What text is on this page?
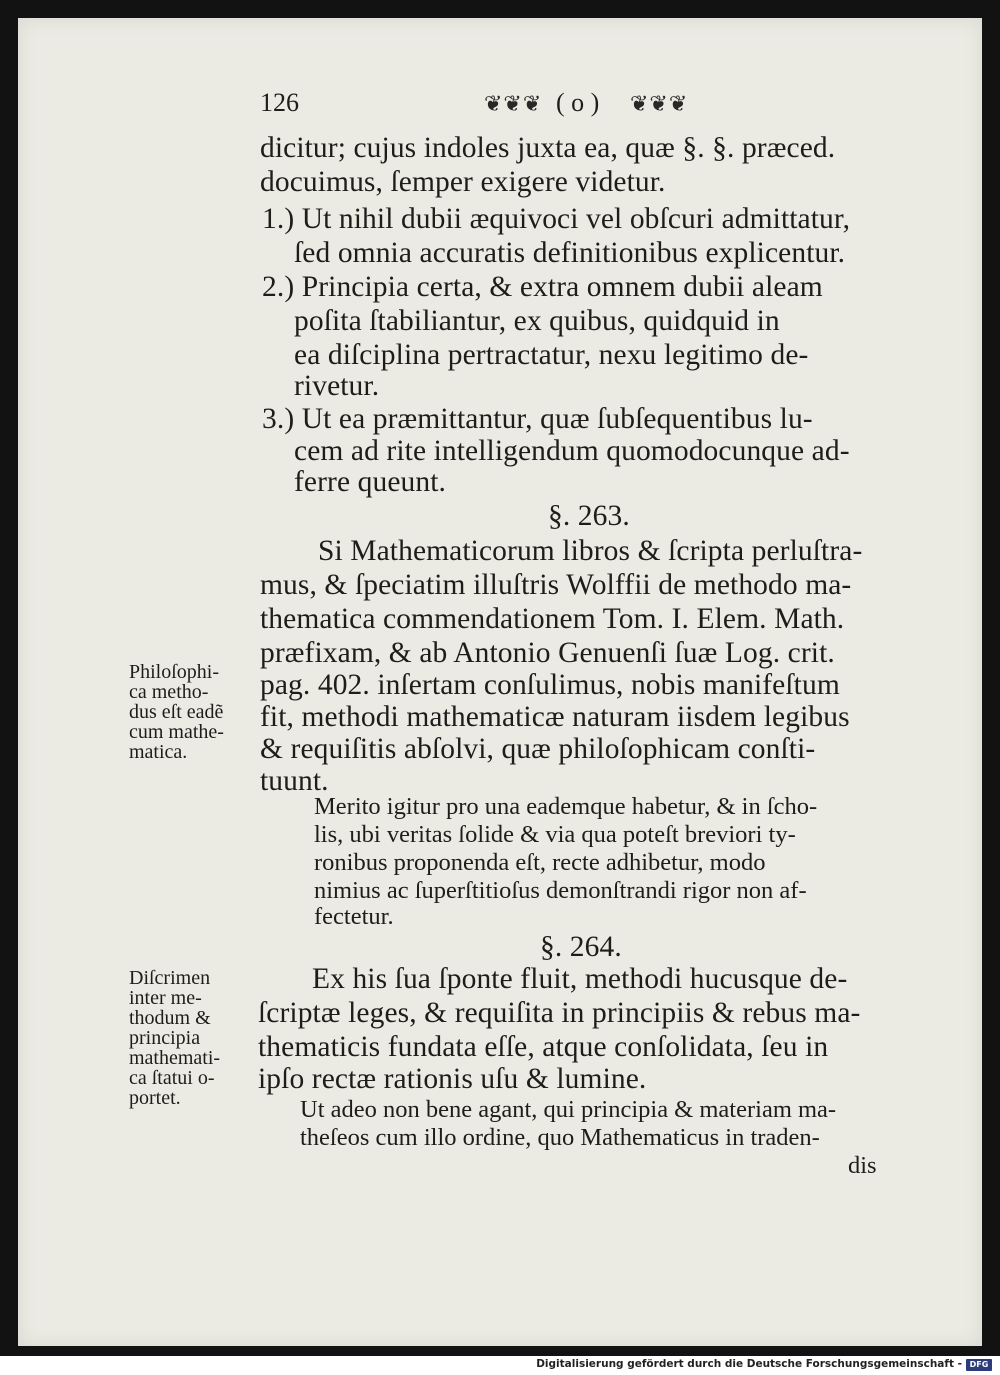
126	❦❦❦ ( o ) ❦❦❦
dicitur; cujus indoles juxta ea, quæ §. §. præced.
docuimus, ſemper exigere videtur.
1.) Ut nihil dubii æquivoci vel obſcuri admittatur,
ſed omnia accuratis definitionibus explicentur.
2.) Principia certa, & extra omnem dubii aleam
poſita ſtabiliantur, ex quibus, quidquid in
ea diſciplina pertractatur, nexu legitimo de-
rivetur.
3.) Ut ea præmittantur, quæ ſubſequentibus lu-
cem ad rite intelligendum quomodocunque ad-
ferre queunt.
§. 263.
Si Mathematicorum libros & ſcripta perluſtra-
mus, & ſpeciatim illuſtris Wolffii de methodo ma-
thematica commendationem Tom. I. Elem. Math.
præfixam, & ab Antonio Genuenſi ſuæ Log. crit.
pag. 402. inſertam conſulimus, nobis manifeſtum
fit, methodi mathematicæ naturam iisdem legibus
& requiſitis abſolvi, quæ philoſophicam conſti-
tuunt.
Merito igitur pro una eademque habetur, & in ſcho-
lis, ubi veritas ſolide & via qua poteſt breviori ty-
ronibus proponenda eſt, recte adhibetur, modo
nimius ac ſuperſtitioſus demonſtrandi rigor non af-
fectetur.
§. 264.
Ex his ſua ſponte fluit, methodi hucusque de-
ſcriptæ leges, & requiſita in principiis & rebus ma-
thematicis fundata eſſe, atque conſolidata, ſeu in
ipſo rectæ rationis uſu & lumine.
Ut adeo non bene agant, qui principia & materiam ma-
theſeos cum illo ordine, quo Mathematicus in traden-
dis
Philoſophi-
ca metho-
dus eſt eadẽ
cum mathe-
matica.
Diſcrimen
inter me-
thodum &
principia
mathemati-
ca ſtatui o-
portet.
Digitalisierung gefördert durch die Deutsche Forschungsgemeinschaft - DFG
